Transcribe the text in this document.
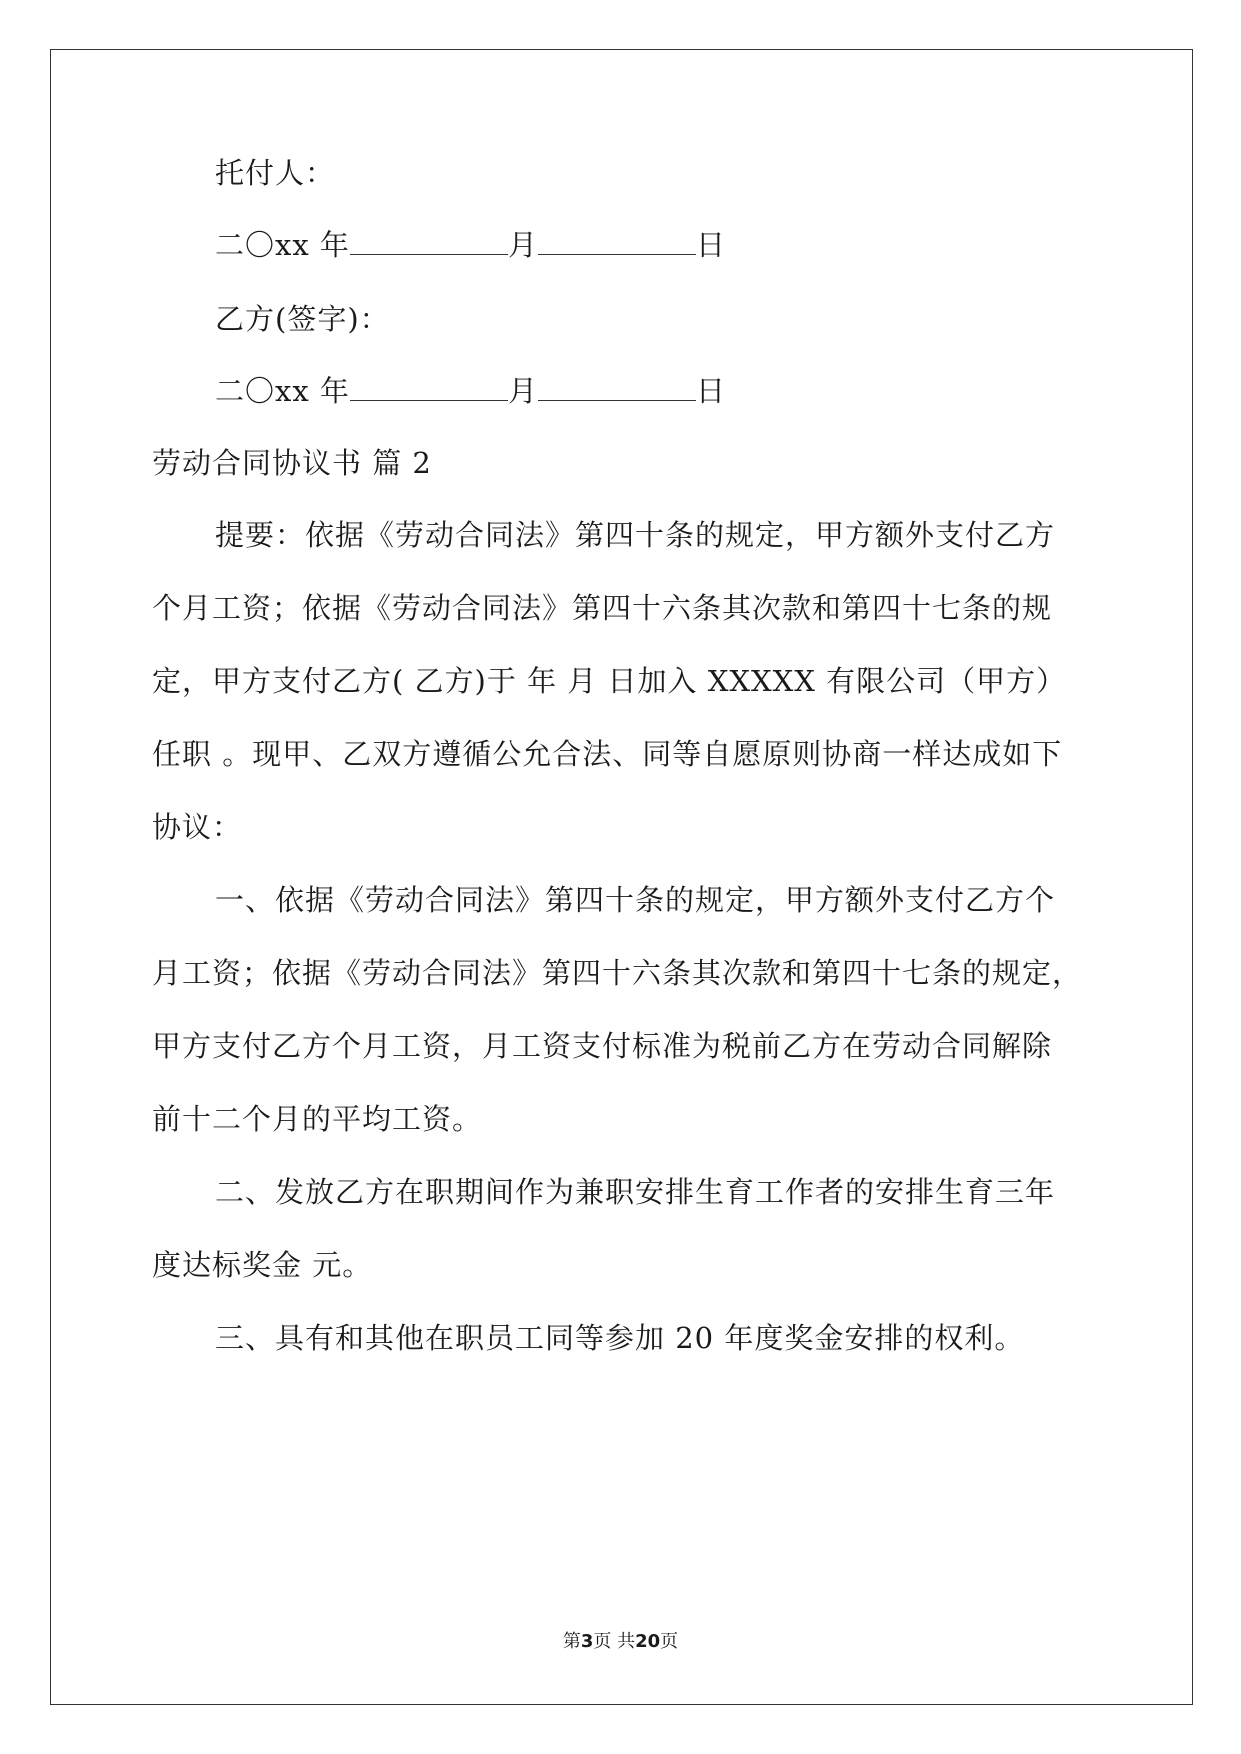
托付人：
二〇xx 年	月	日
乙方(签字)：
二〇xx 年	月	日
劳动合同协议书 篇 2
提要：依据《劳动合同法》第四十条的规定，甲方额外支付乙方
个月工资；依据《劳动合同法》第四十六条其次款和第四十七条的规
定，甲方支付乙方( 乙方)于 年 月 日加入 XXXXX 有限公司（甲方）
任职 。现甲、乙双方遵循公允合法、同等自愿原则协商一样达成如下
协议：
一、依据《劳动合同法》第四十条的规定，甲方额外支付乙方个
月工资；依据《劳动合同法》第四十六条其次款和第四十七条的规定，
甲方支付乙方个月工资，月工资支付标准为税前乙方在劳动合同解除
前十二个月的平均工资。
二、发放乙方在职期间作为兼职安排生育工作者的安排生育三年
度达标奖金 元。
三、具有和其他在职员工同等参加 20 年度奖金安排的权利。
第3页 共20页
